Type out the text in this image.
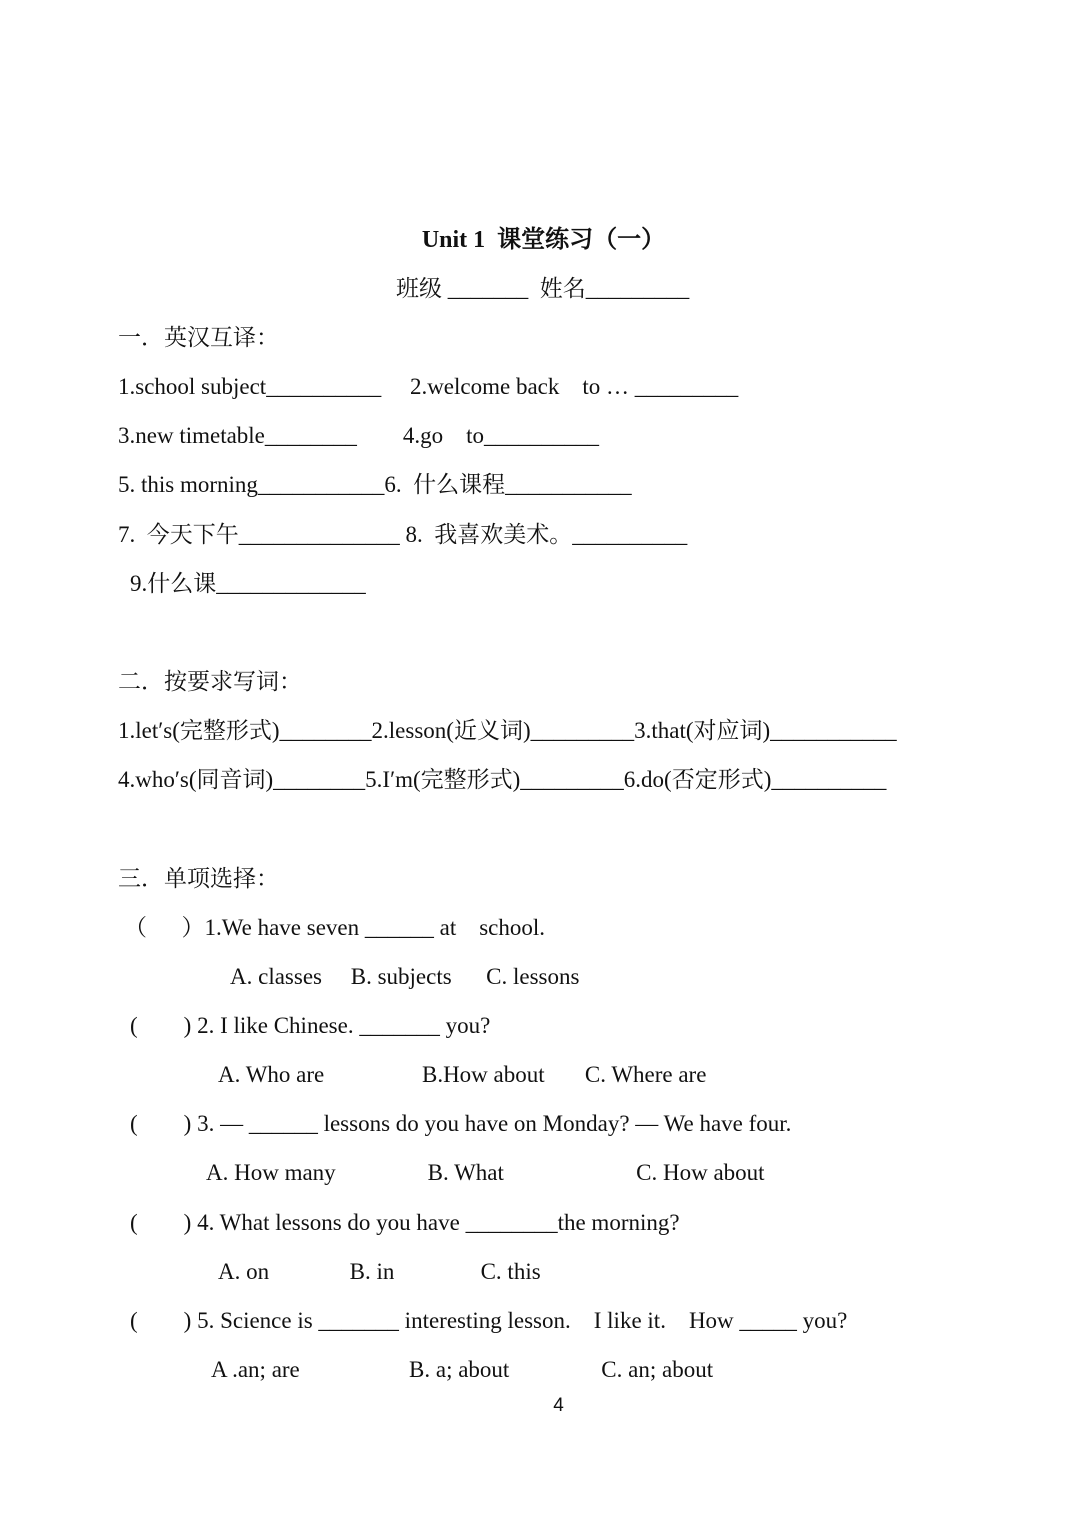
Unit 1  课堂练习（一）
班级 _______  姓名_________
一．英汉互译：
1.school subject__________     2.welcome back    to … _________
3.new timetable________        4.go    to__________
5. this morning___________6.  什么课程___________
7.  今天下午______________ 8.  我喜欢美术。__________
9.什么课_____________
二．按要求写词：
1.let′s(完整形式)________2.lesson(近义词)_________3.that(对应词)___________
4.who′s(同音词)________5.I′m(完整形式)_________6.do(否定形式)__________
三．单项选择：
（      ）1.We have seven ______ at    school.
A. classes     B. subjects      C. lessons
(        ) 2. I like Chinese. _______ you?
A. Who are                 B.How about       C. Where are
(        ) 3. — ______ lessons do you have on Monday? — We have four.
A. How many                B. What                       C. How about
(        ) 4. What lessons do you have ________the morning?
A. on              B. in               C. this
(        ) 5. Science is _______ interesting lesson.    I like it.    How _____ you?
A .an; are                   B. a; about                C. an; about
4
